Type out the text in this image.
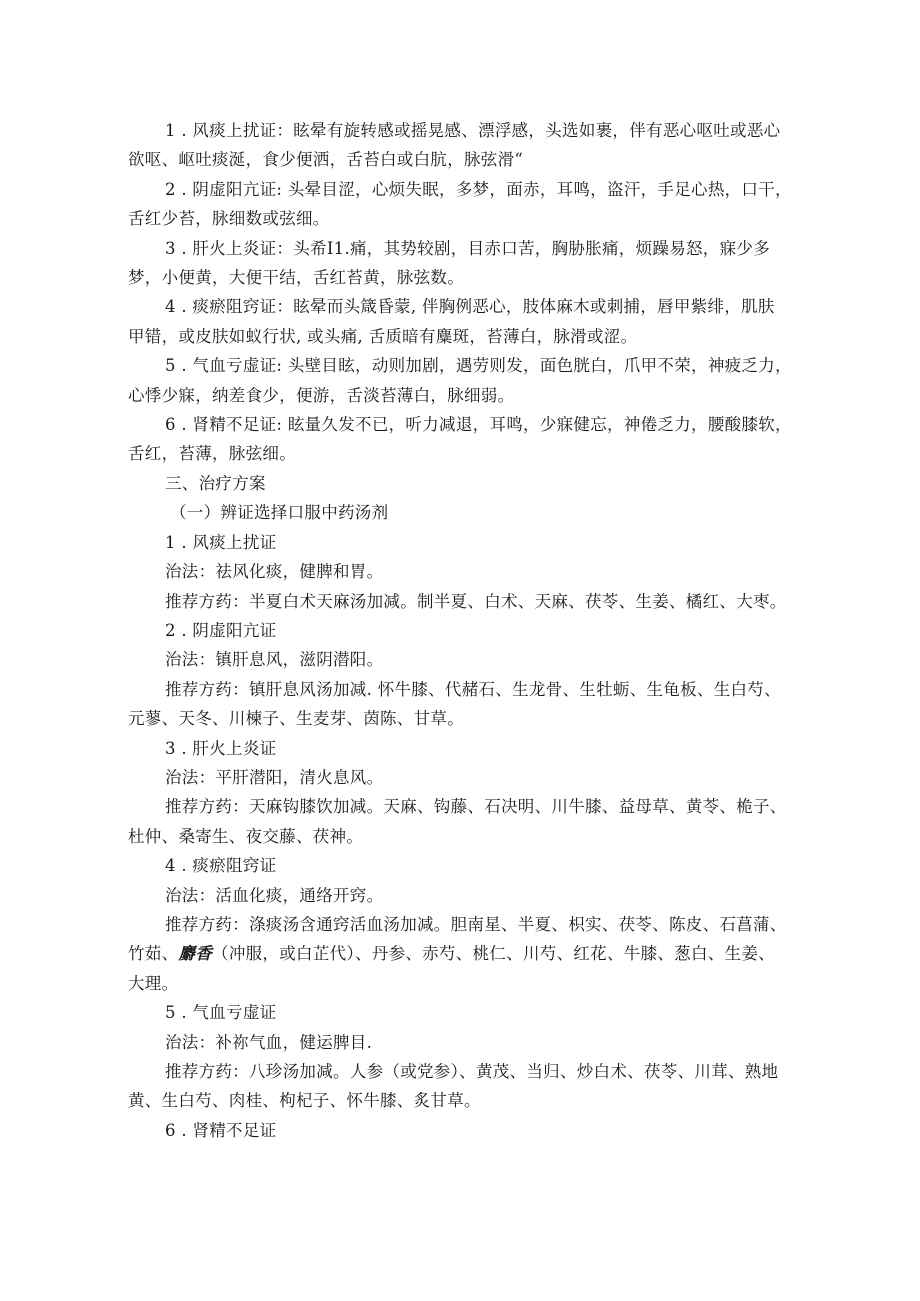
1 . 风痰上扰证：眩晕有旋转感或摇晃感、漂浮感，头选如裹，伴有恶心呕吐或恶心
欲呕、岖吐痰涎，食少便洒，舌苔白或白肮，脉弦滑“
2 . 阴虚阳亢证: 头晕目涩，心烦失眠，多梦，面赤，耳鸣，盗汗，手足心热，口干，
舌红少苔，脉细数或弦细。
3 . 肝火上炎证：头希I1.痛，其势较剧，目赤口苦，胸胁胀痛，烦躁易怒，寐少多
梦，小便黄，大便干结，舌红苔黄，脉弦数。
4 . 痰瘀阻窍证：眩晕而头箴昏蒙, 伴胸例恶心，肢体麻木或刺捕，唇甲紫绯，肌肤
甲错，或皮肤如蚁行状, 或头痛, 舌质暗有麋斑，苔薄白，脉滑或涩。
5 . 气血亏虚证: 头壁目眩，动则加剧，遇劳则发，面色胱白，爪甲不荣，神疲乏力，
心悸少寐，纳差食少，便游，舌淡苔薄白，脉细弱。
6 . 肾精不足证: 眩量久发不已，听力减退，耳鸣，少寐健忘，神倦乏力，腰酸膝软，
舌红，苔薄，脉弦细。
三、治疗方案
（一）辨证选择口服中药汤剂
1 . 风痰上扰证
治法：祛风化痰，健脾和胃。
推荐方药：半夏白术天麻汤加减。制半夏、白术、天麻、茯苓、生姜、橘红、大枣。
2 . 阴虚阳亢证
治法：镇肝息风，滋阴潜阳。
推荐方药：镇肝息风汤加减. 怀牛膝、代赭石、生龙骨、生牡蛎、生龟板、生白芍、
元蓼、天冬、川楝子、生麦芽、茵陈、甘草。
3 . 肝火上炎证
治法：平肝潜阳，清火息风。
推荐方药：天麻钩膝饮加减。天麻、钩藤、石决明、川牛膝、益母草、黄苓、桅子、
杜仲、桑寄生、夜交藤、茯神。
4 . 痰瘀阻窍证
治法：活血化痰，通络开窍。
推荐方药：涤痰汤含通窍活血汤加减。胆南星、半夏、枳实、茯苓、陈皮、石菖蒲、
竹茹、麝香（冲服，或白芷代）、丹参、赤芍、桃仁、川芍、红花、牛膝、葱白、生姜、
大理。
5 . 气血亏虚证
治法：补祢气血，健运脾目.
推荐方药：八珍汤加减。人参（或党参）、黄茂、当归、炒白术、茯苓、川茸、熟地
黄、生白芍、肉桂、枸杞子、怀牛膝、炙甘草。
6 . 肾精不足证
